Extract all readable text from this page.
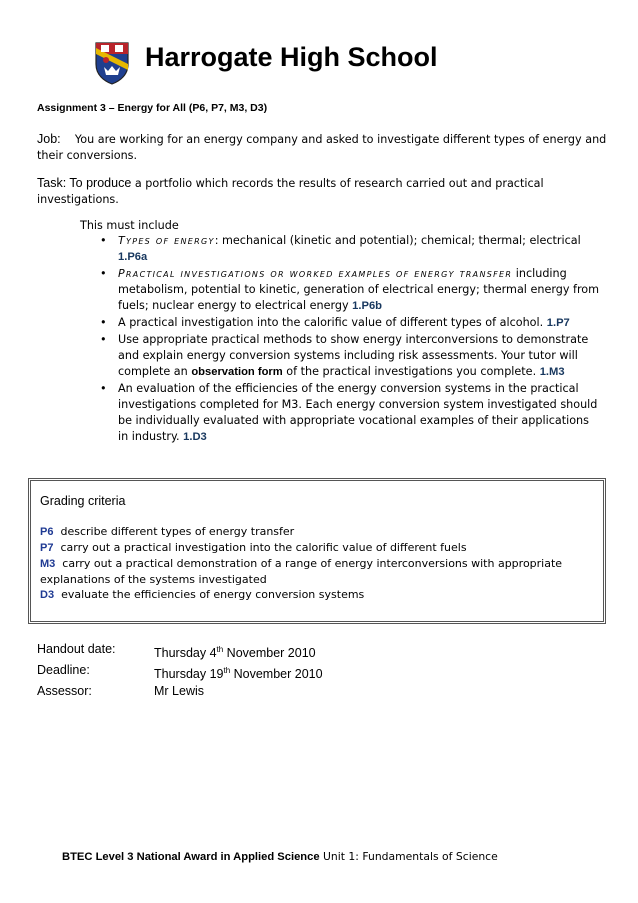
Harrogate High School
Assignment 3 – Energy for All (P6, P7, M3, D3)
Job: You are working for an energy company and asked to investigate different types of energy and their conversions.
Task: To produce a portfolio which records the results of research carried out and practical investigations.
This must include
• Types of energy: mechanical (kinetic and potential); chemical; thermal; electrical 1.P6a
• Practical investigations or worked examples of energy transfer including metabolism, potential to kinetic, generation of electrical energy; thermal energy from fuels; nuclear energy to electrical energy 1.P6b
• A practical investigation into the calorific value of different types of alcohol. 1.P7
• Use appropriate practical methods to show energy interconversions to demonstrate and explain energy conversion systems including risk assessments. Your tutor will complete an observation form of the practical investigations you complete. 1.M3
• An evaluation of the efficiencies of the energy conversion systems in the practical investigations completed for M3. Each energy conversion system investigated should be individually evaluated with appropriate vocational examples of their applications in industry. 1.D3
Grading criteria
P6 describe different types of energy transfer
P7 carry out a practical investigation into the calorific value of different fuels
M3 carry out a practical demonstration of a range of energy interconversions with appropriate explanations of the systems investigated
D3 evaluate the efficiencies of energy conversion systems
Handout date:	Thursday 4th November 2010
Deadline:	Thursday 19th November 2010
Assessor:	Mr Lewis
BTEC Level 3 National Award in Applied Science Unit 1: Fundamentals of Science
